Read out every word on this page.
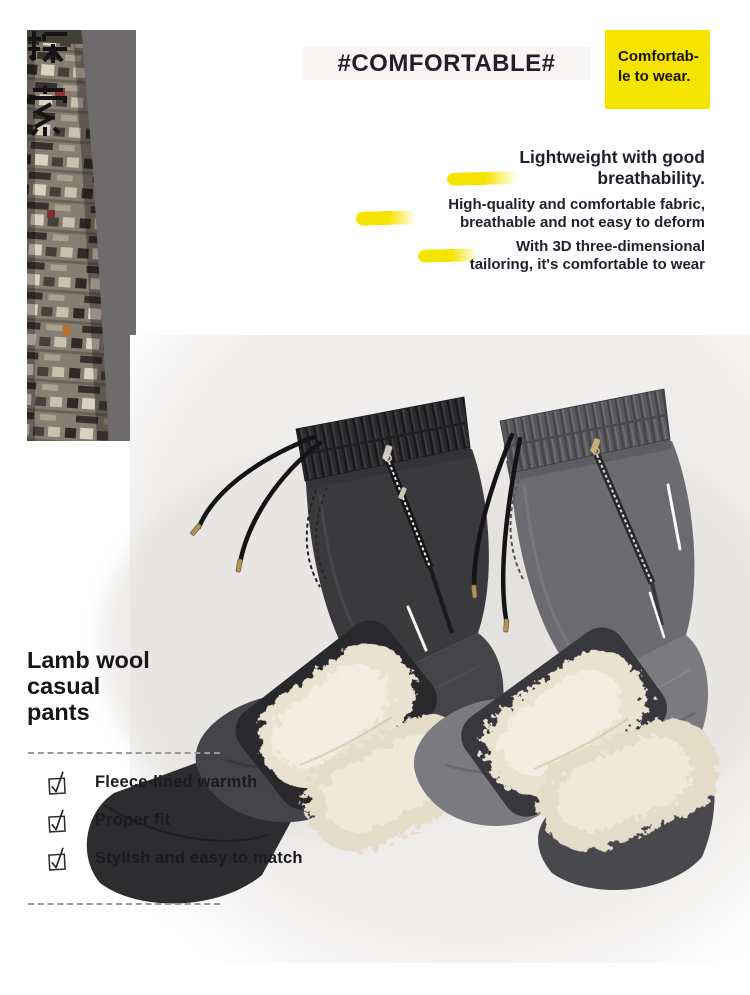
#COMFORTABLE#	Comfortab-
le to wear.
Lightweight with good
breathability.
High-quality and comfortable fabric,
breathable and not easy to deform
With 3D three-dimensional
tailoring, it's comfortable to wear
Lamb wool
casual
pants
Fleece-lined warmth
Proper fit
Stylish and easy to match
